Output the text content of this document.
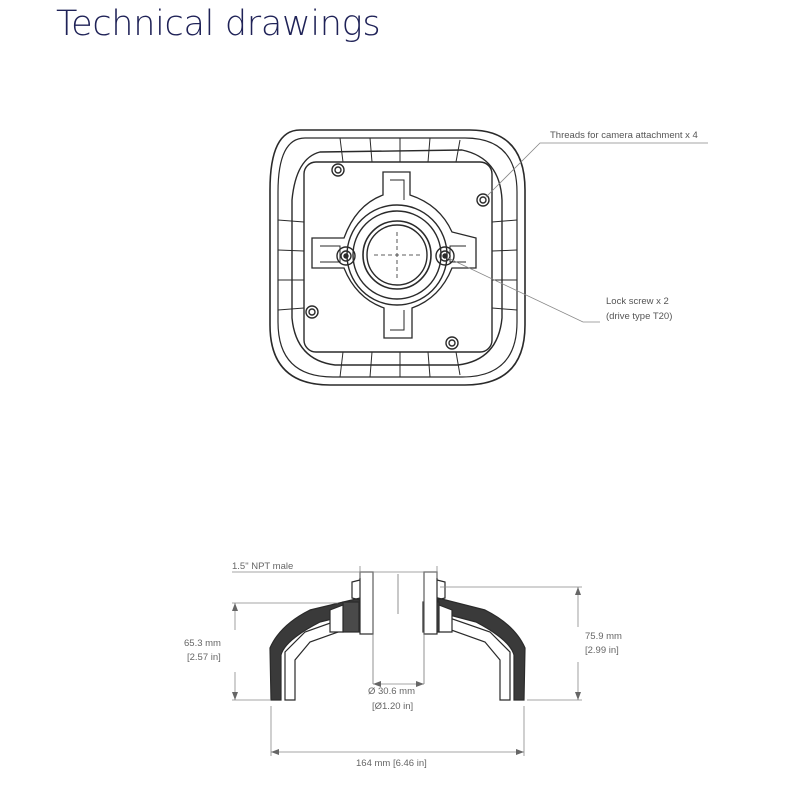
Technical drawings
Threads for camera attachment x 4
Lock screw x 2
(drive type T20)
1.5" NPT male
65.3 mm
[2.57 in]
75.9 mm
[2.99 in]
Ø 30.6 mm
[Ø1.20 in]
164 mm [6.46 in]
